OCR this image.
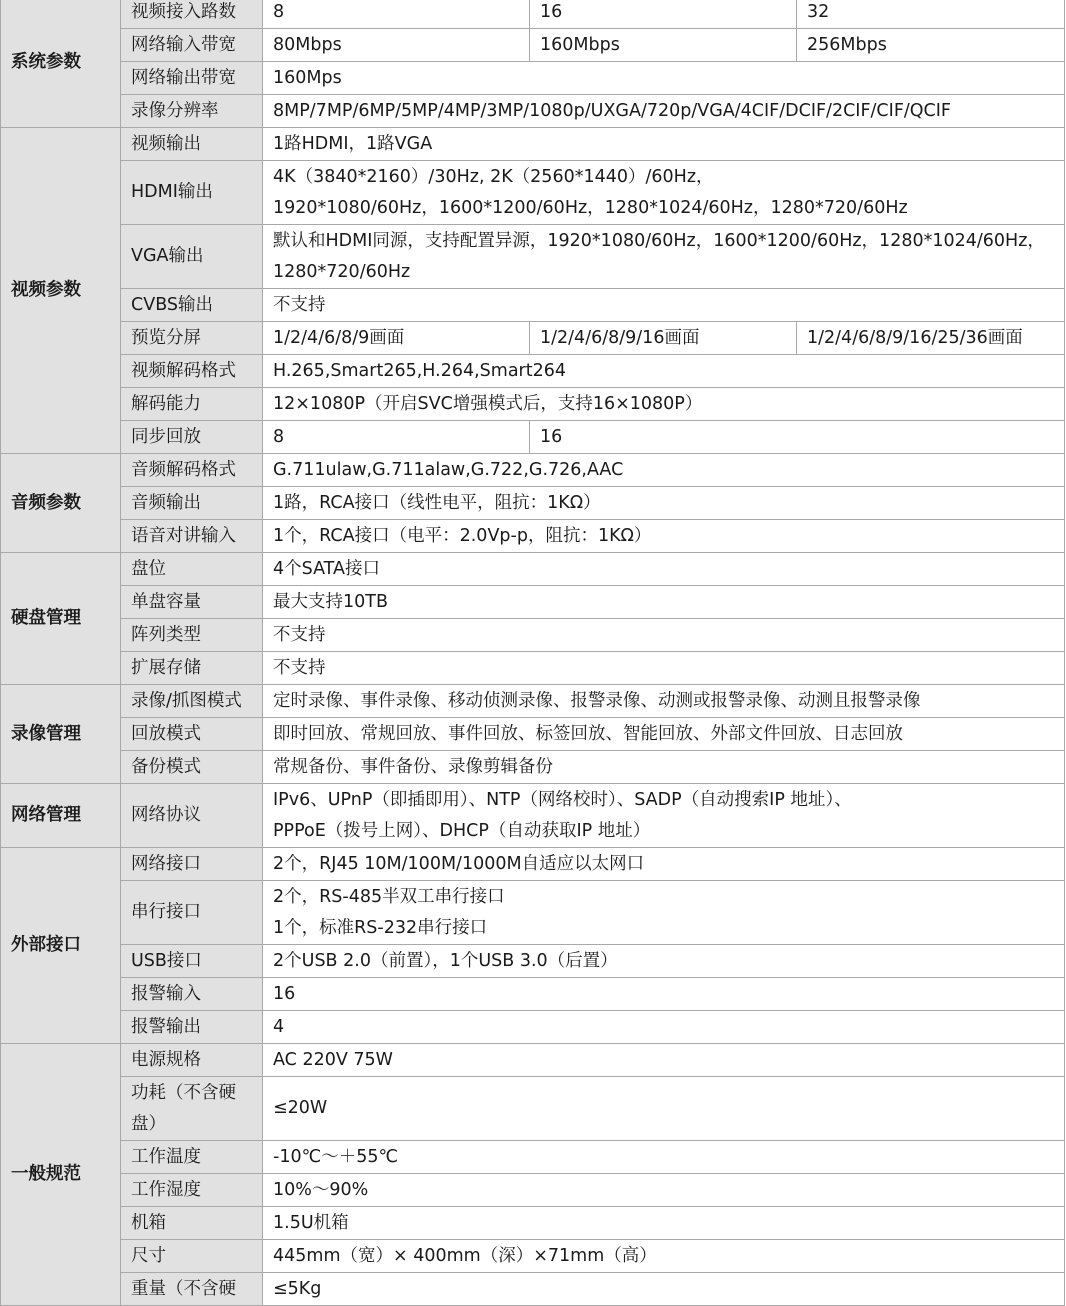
系统参数	视频接入路数	8	16	32
	网络输入带宽	80Mbps	160Mbps	256Mbps
	网络输出带宽	160Mps		
	录像分辨率	8MP/7MP/6MP/5MP/4MP/3MP/1080p/UXGA/720p/VGA/4CIF/DCIF/2CIF/CIF/QCIF		
视频参数	视频输出	1路HDMI，1路VGA		
	HDMI输出	4K（3840*2160）/30Hz, 2K（2560*1440）/60Hz，
1920*1080/60Hz，1600*1200/60Hz，1280*1024/60Hz，1280*720/60Hz		

	VGA输出	默认和HDMI同源，支持配置异源，1920*1080/60Hz，1600*1200/60Hz，1280*1024/60Hz，
1280*720/60Hz		

	CVBS输出	不支持		
	预览分屏	1/2/4/6/8/9画面	1/2/4/6/8/9/16画面	1/2/4/6/8/9/16/25/36画面
	视频解码格式	H.265,Smart265,H.264,Smart264		
	解码能力	12×1080P（开启SVC增强模式后，支持16×1080P）		
	同步回放	8	16	
音频参数	音频解码格式	G.711ulaw,G.711alaw,G.722,G.726,AAC		
	音频输出	1路，RCA接口（线性电平，阻抗：1KΩ）		
	语音对讲输入	1个，RCA接口（电平：2.0Vp-p，阻抗：1KΩ）		
硬盘管理	盘位	4个SATA接口		
	单盘容量	最大支持10TB		
	阵列类型	不支持		
	扩展存储	不支持		
录像管理	录像/抓图模式	定时录像、事件录像、移动侦测录像、报警录像、动测或报警录像、动测且报警录像		
	回放模式	即时回放、常规回放、事件回放、标签回放、智能回放、外部文件回放、日志回放		
	备份模式	常规备份、事件备份、录像剪辑备份		
网络管理	网络协议	IPv6、UPnP（即插即用）、NTP（网络校时）、SADP（自动搜索IP 地址）、
PPPoE（拨号上网）、DHCP（自动获取IP 地址）		

外部接口	网络接口	2个，RJ45 10M/100M/1000M自适应以太网口		
	串行接口	2个，RS-485半双工串行接口
1个，标准RS-232串行接口		

	USB接口	2个USB 2.0（前置），1个USB 3.0（后置）		
	报警输入	16		
	报警输出	4		
一般规范	电源规格	AC 220V 75W		

	功耗（不含硬
盘）	≤20W		
	工作温度	-10℃～＋55℃		
	工作湿度	10%～90%		
	机箱	1.5U机箱		
	尺寸	445mm（宽）× 400mm（深）×71mm（高）		
	重量（不含硬	≤5Kg		
